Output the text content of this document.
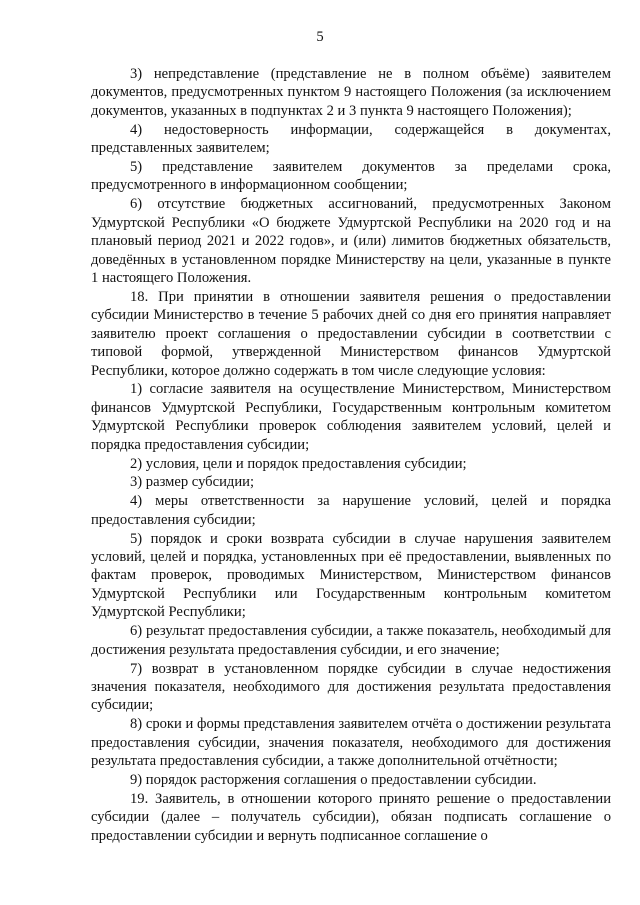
5

3) непредставление (представление не в полном объёме) заявителем документов, предусмотренных пунктом 9 настоящего Положения (за исключением документов, указанных в подпунктах 2 и 3 пункта 9 настоящего Положения);

4) недостоверность информации, содержащейся в документах, представленных заявителем;

5) представление заявителем документов за пределами срока, предусмотренного в информационном сообщении;

6) отсутствие бюджетных ассигнований, предусмотренных Законом Удмуртской Республики «О бюджете Удмуртской Республики на 2020 год и на плановый период 2021 и 2022 годов», и (или) лимитов бюджетных обязательств, доведённых в установленном порядке Министерству на цели, указанные в пункте 1 настоящего Положения.

18. При принятии в отношении заявителя решения о предоставлении субсидии Министерство в течение 5 рабочих дней со дня его принятия направляет заявителю проект соглашения о предоставлении субсидии в соответствии с типовой формой, утвержденной Министерством финансов Удмуртской Республики, которое должно содержать в том числе следующие условия:

1) согласие заявителя на осуществление Министерством, Министерством финансов Удмуртской Республики, Государственным контрольным комитетом Удмуртской Республики проверок соблюдения заявителем условий, целей и порядка предоставления субсидии;

2) условия, цели и порядок предоставления субсидии;

3) размер субсидии;

4) меры ответственности за нарушение условий, целей и порядка предоставления субсидии;

5) порядок и сроки возврата субсидии в случае нарушения заявителем условий, целей и порядка, установленных при её предоставлении, выявленных по фактам проверок, проводимых Министерством, Министерством финансов Удмуртской Республики или Государственным контрольным комитетом Удмуртской Республики;

6) результат предоставления субсидии, а также показатель, необходимый для достижения результата предоставления субсидии, и его значение;

7) возврат в установленном порядке субсидии в случае недостижения значения показателя, необходимого для достижения результата предоставления субсидии;

8) сроки и формы представления заявителем отчёта о достижении результата предоставления субсидии, значения показателя, необходимого для достижения результата предоставления субсидии, а также дополнительной отчётности;

9) порядок расторжения соглашения о предоставлении субсидии.

19. Заявитель, в отношении которого принято решение о предоставлении субсидии (далее – получатель субсидии), обязан подписать соглашение о предоставлении субсидии и вернуть подписанное соглашение о
